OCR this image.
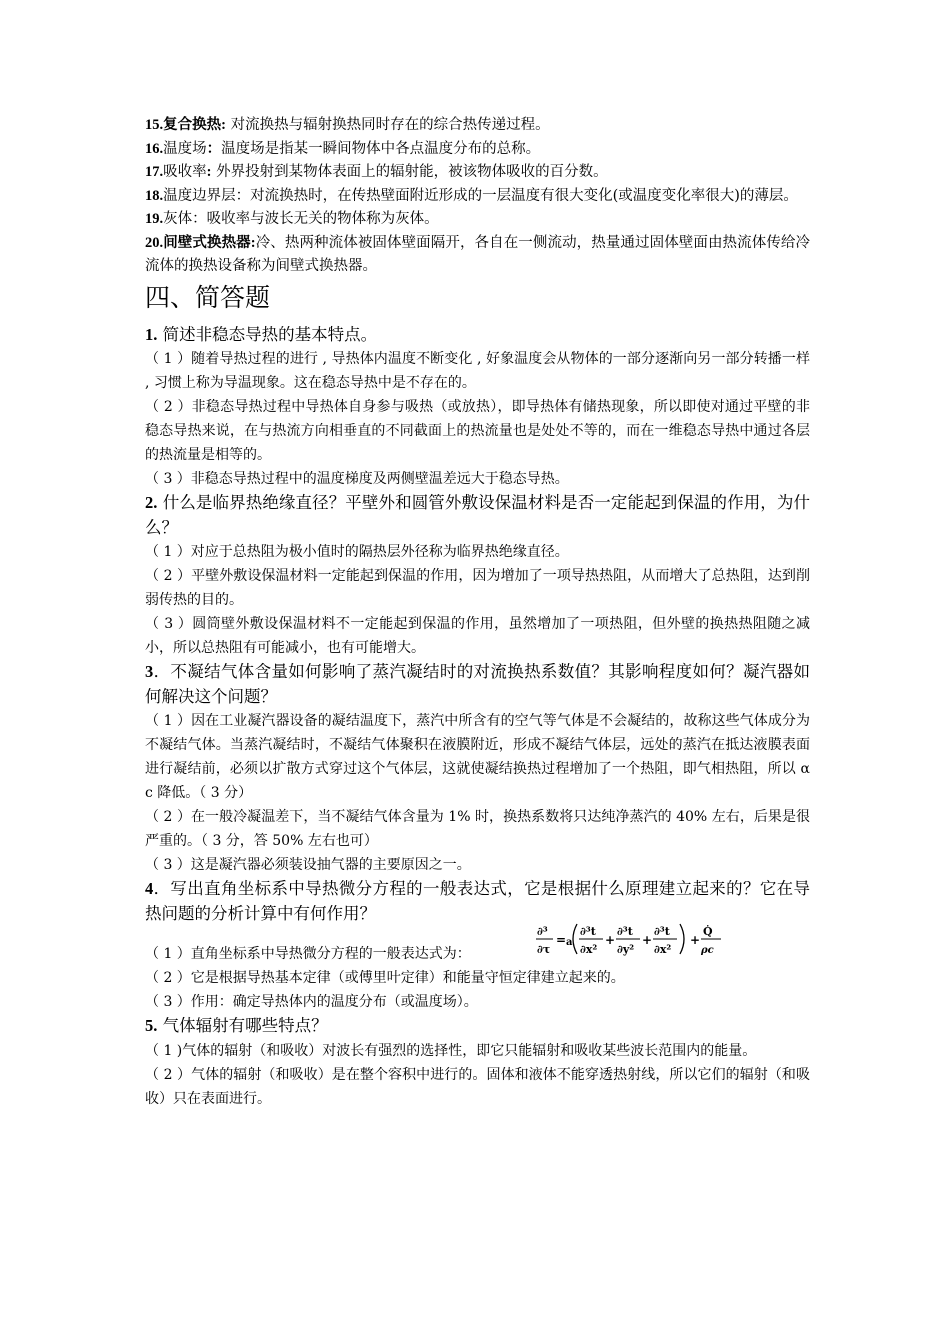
15.复合换热: 对流换热与辐射换热同时存在的综合热传递过程。
16.温度场：温度场是指某一瞬间物体中各点温度分布的总称。
17.吸收率: 外界投射到某物体表面上的辐射能，被该物体吸收的百分数。
18.温度边界层：对流换热时，在传热壁面附近形成的一层温度有很大变化(或温度变化率很大)的薄层。
19.灰体：吸收率与波长无关的物体称为灰体。
20.间壁式换热器:冷、热两种流体被固体壁面隔开，各自在一侧流动，热量通过固体壁面由热流体传给冷流体的换热设备称为间壁式换热器。
四、简答题
1. 简述非稳态导热的基本特点。
（ 1 ）随着导热过程的进行 , 导热体内温度不断变化 , 好象温度会从物体的一部分逐渐向另一部分转播一样 , 习惯上称为导温现象。这在稳态导热中是不存在的。
（ 2 ）非稳态导热过程中导热体自身参与吸热（或放热），即导热体有储热现象，所以即使对通过平壁的非稳态导热来说，在与热流方向相垂直的不同截面上的热流量也是处处不等的，而在一维稳态导热中通过各层的热流量是相等的。
（ 3 ）非稳态导热过程中的温度梯度及两侧壁温差远大于稳态导热。
2. 什么是临界热绝缘直径？平壁外和圆管外敷设保温材料是否一定能起到保温的作用，为什么？
（ 1 ）对应于总热阻为极小值时的隔热层外径称为临界热绝缘直径。
（ 2 ）平壁外敷设保温材料一定能起到保温的作用，因为增加了一项导热热阻，从而增大了总热阻，达到削弱传热的目的。
（ 3 ）圆筒壁外敷设保温材料不一定能起到保温的作用，虽然增加了一项热阻，但外壁的换热热阻随之减小，所以总热阻有可能减小，也有可能增大。
3．不凝结气体含量如何影响了蒸汽凝结时的对流换热系数值？其影响程度如何？凝汽器如何解决这个问题？
（ 1 ）因在工业凝汽器设备的凝结温度下，蒸汽中所含有的空气等气体是不会凝结的，故称这些气体成分为不凝结气体。当蒸汽凝结时，不凝结气体聚积在液膜附近，形成不凝结气体层，远处的蒸汽在抵达液膜表面进行凝结前，必须以扩散方式穿过这个气体层，这就使凝结换热过程增加了一个热阻，即气相热阻，所以 α c 降低。（ 3 分）
（ 2 ）在一般冷凝温差下，当不凝结气体含量为 1% 时，换热系数将只达纯净蒸汽的 40% 左右，后果是很严重的。（ 3 分，答 50% 左右也可）
（ 3 ）这是凝汽器必须装设抽气器的主要原因之一。
4．写出直角坐标系中导热微分方程的一般表达式，它是根据什么原理建立起来的？它在导热问题的分析计算中有何作用？
（ 1 ）直角坐标系中导热微分方程的一般表达式为：
∂³
∂τ
= a
∂³t
∂x²
+
∂³t
∂y²
+
∂³t
∂x²
+
Q̇
ρc
（ 2 ）它是根据导热基本定律（或傅里叶定律）和能量守恒定律建立起来的。
（ 3 ）作用：确定导热体内的温度分布（或温度场）。
5. 气体辐射有哪些特点？
（ 1 )气体的辐射（和吸收）对波长有强烈的选择性，即它只能辐射和吸收某些波长范围内的能量。
（ 2 ）气体的辐射（和吸收）是在整个容积中进行的。固体和液体不能穿透热射线，所以它们的辐射（和吸收）只在表面进行。
